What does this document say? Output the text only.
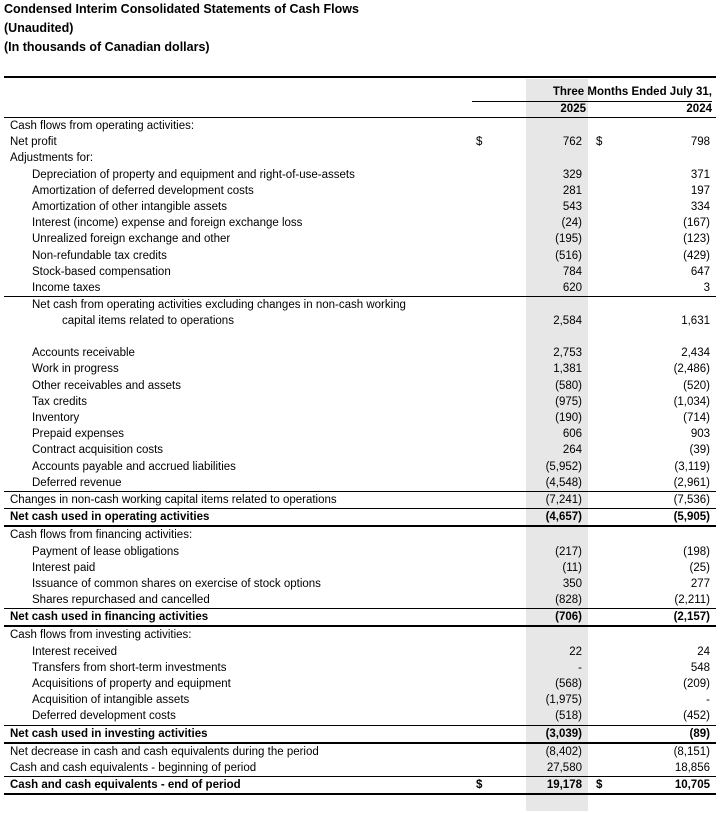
Condensed Interim Consolidated Statements of Cash Flows
(Unaudited)
(In thousands of Canadian dollars)
Three Months Ended July 31,
2025	2024
Cash flows from operating activities:
Net profit	$	762 $	798
Adjustments for:
Depreciation of property and equipment and right-of-use-assets	329	371
Amortization of deferred development costs	281	197
Amortization of other intangible assets	543	334
Interest (income) expense and foreign exchange loss	(24)	(167)
Unrealized foreign exchange and other	(195)	(123)
Non-refundable tax credits	(516)	(429)
Stock-based compensation	784	647
Income taxes	620	3
Net cash from operating activities excluding changes in non-cash working
capital items related to operations	2,584	1,631
Accounts receivable	2,753	2,434
Work in progress	1,381	(2,486)
Other receivables and assets	(580)	(520)
Tax credits	(975)	(1,034)
Inventory	(190)	(714)
Prepaid expenses	606	903
Contract acquisition costs	264	(39)
Accounts payable and accrued liabilities	(5,952)	(3,119)
Deferred revenue	(4,548)	(2,961)
Changes in non-cash working capital items related to operations	(7,241)	(7,536)
Net cash used in operating activities	(4,657)	(5,905)
Cash flows from financing activities:
Payment of lease obligations	(217)	(198)
Interest paid	(11)	(25)
Issuance of common shares on exercise of stock options	350	277
Shares repurchased and cancelled	(828)	(2,211)
Net cash used in financing activities	(706)	(2,157)
Cash flows from investing activities:
Interest received	22	24
Transfers from short-term investments	-	548
Acquisitions of property and equipment	(568)	(209)
Acquisition of intangible assets	(1,975)	-
Deferred development costs	(518)	(452)
Net cash used in investing activities	(3,039)	(89)
Net decrease in cash and cash equivalents during the period	(8,402)	(8,151)
Cash and cash equivalents - beginning of period	27,580	18,856
Cash and cash equivalents - end of period	$	19,178 $	10,705
